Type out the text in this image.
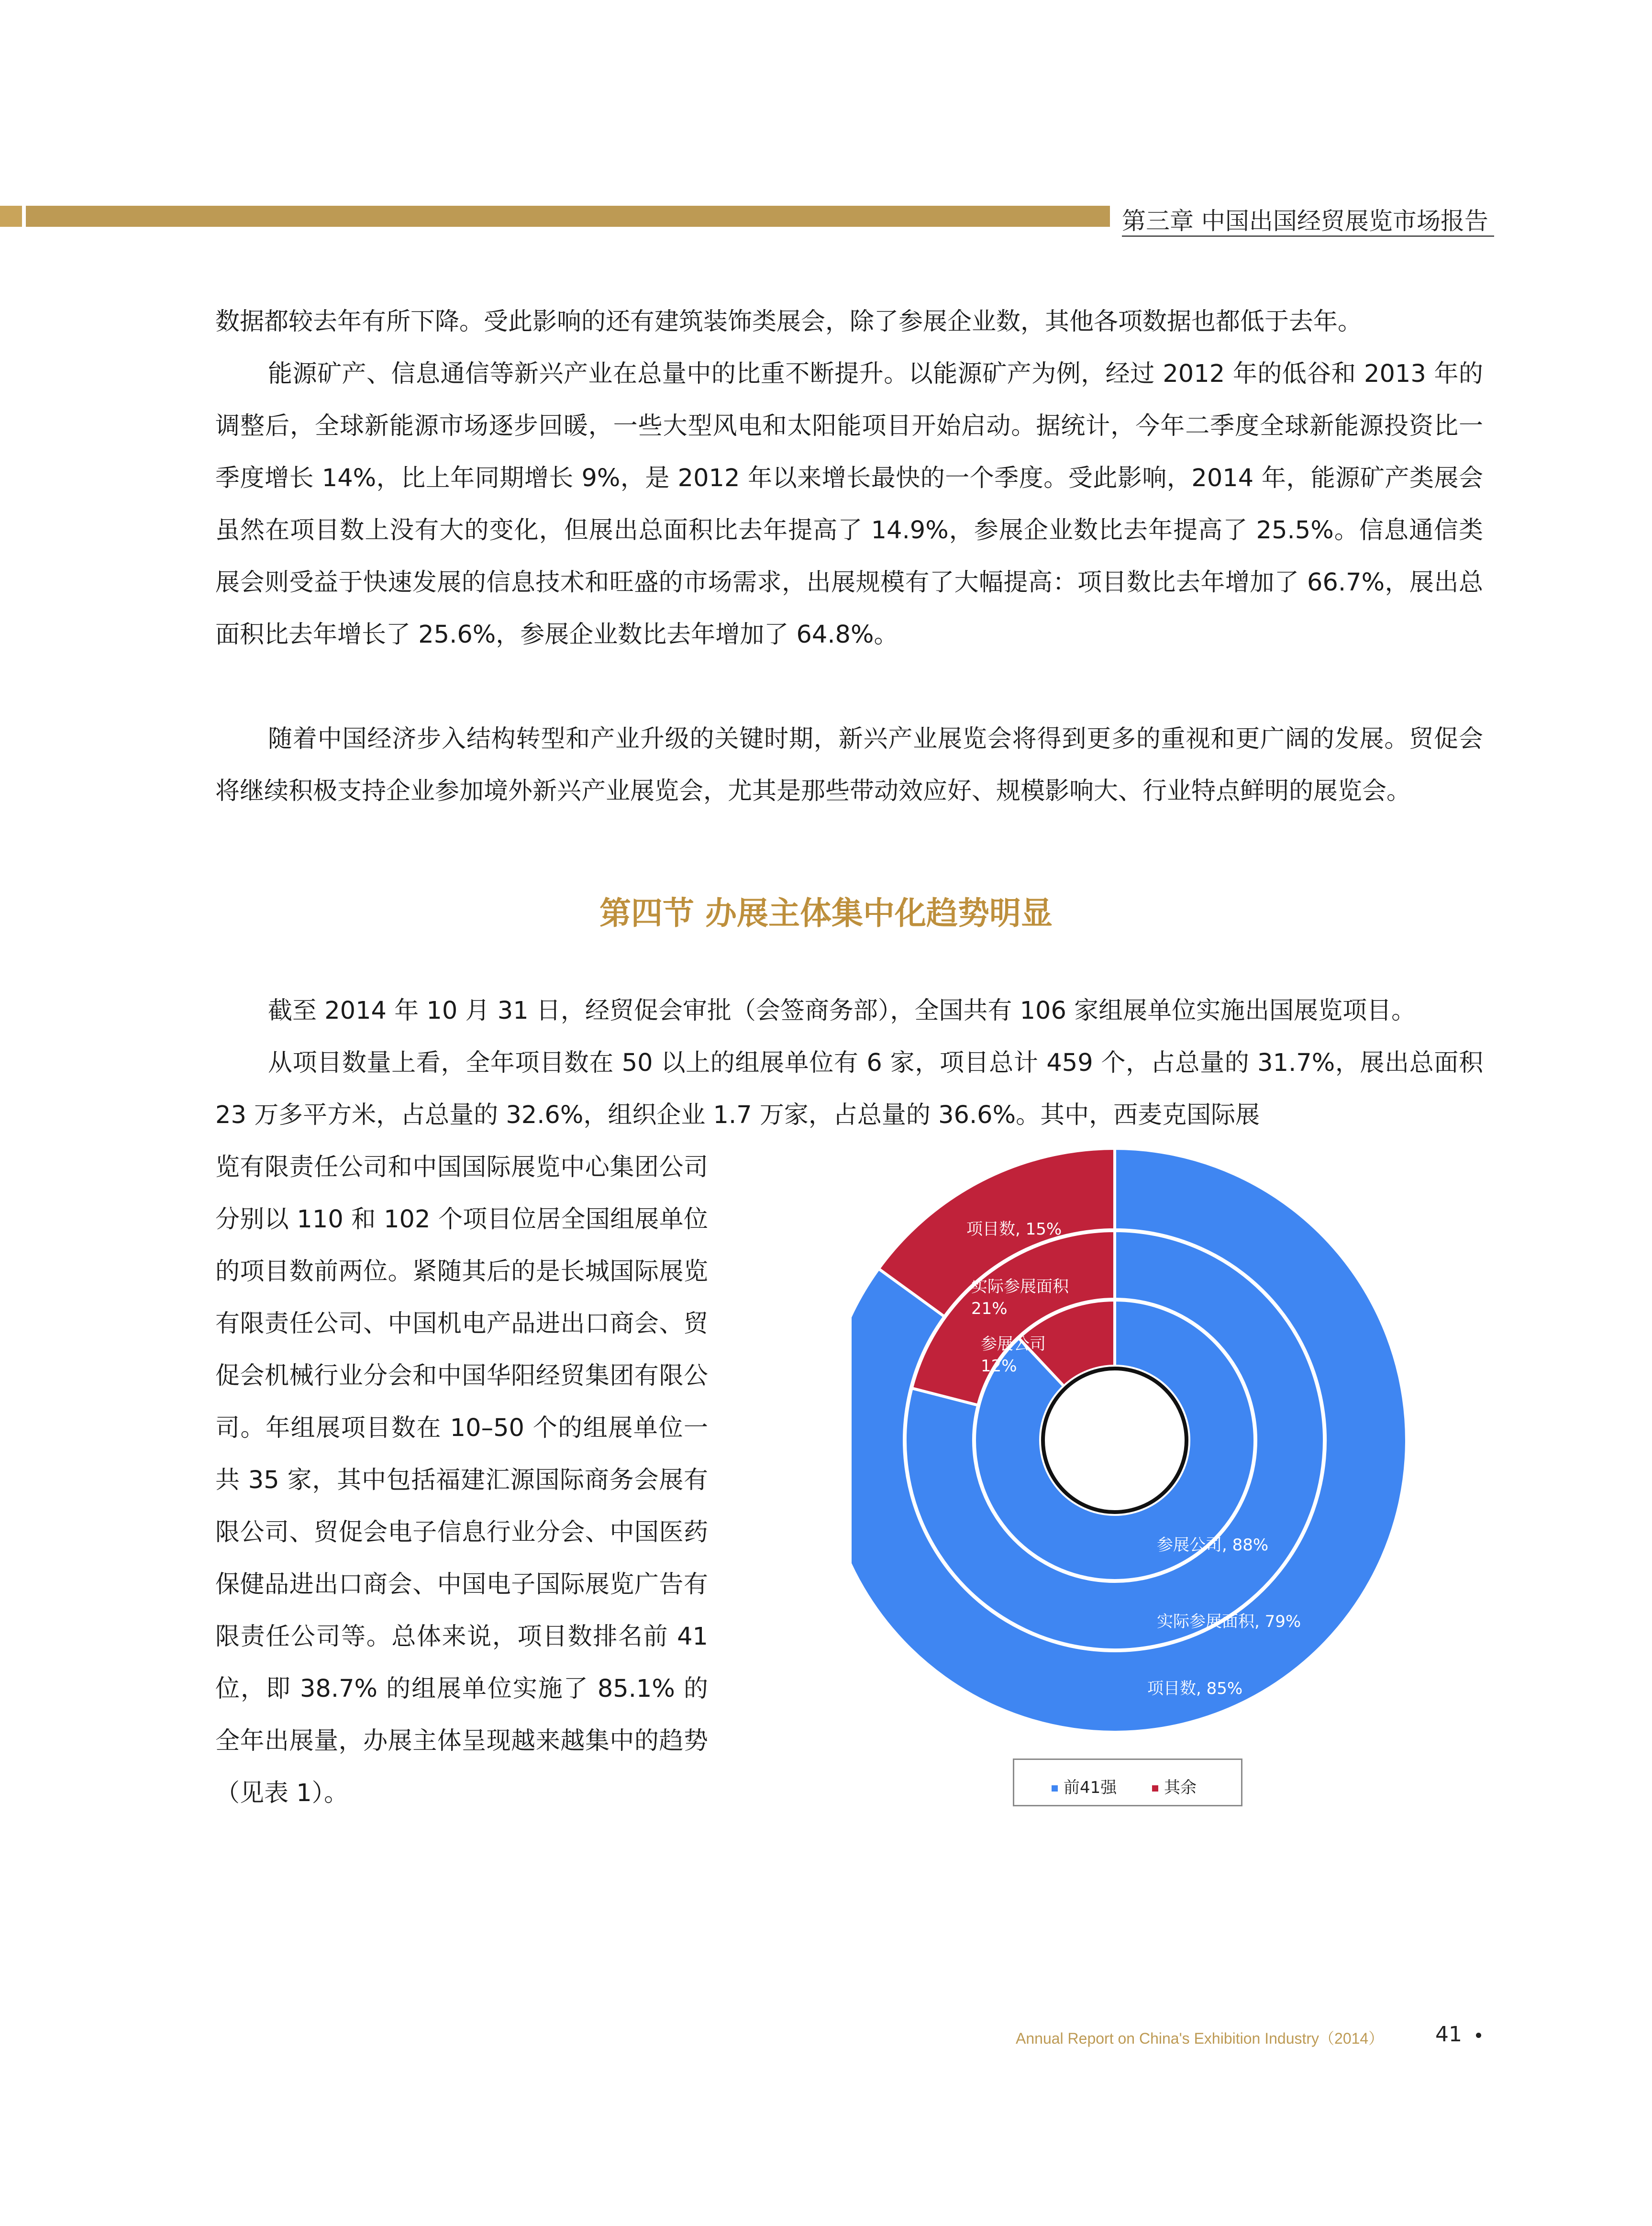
第三章 中国出国经贸展览市场报告

数据都较去年有所下降。受此影响的还有建筑装饰类展会，除了参展企业数，其他各项数据也都低于去年。

能源矿产、信息通信等新兴产业在总量中的比重不断提升。以能源矿产为例，经过 2012 年的低谷和 2013 年的调整后，全球新能源市场逐步回暖，一些大型风电和太阳能项目开始启动。据统计，今年二季度全球新能源投资比一季度增长 14%，比上年同期增长 9%，是 2012 年以来增长最快的一个季度。受此影响，2014 年，能源矿产类展会虽然在项目数上没有大的变化，但展出总面积比去年提高了 14.9%，参展企业数比去年提高了 25.5%。信息通信类展会则受益于快速发展的信息技术和旺盛的市场需求，出展规模有了大幅提高：项目数比去年增加了 66.7%，展出总面积比去年增长了 25.6%，参展企业数比去年增加了 64.8%。

随着中国经济步入结构转型和产业升级的关键时期，新兴产业展览会将得到更多的重视和更广阔的发展。贸促会将继续积极支持企业参加境外新兴产业展览会，尤其是那些带动效应好、规模影响大、行业特点鲜明的展览会。

第四节 办展主体集中化趋势明显

截至 2014 年 10 月 31 日，经贸促会审批（会签商务部），全国共有 106 家组展单位实施出国展览项目。

从项目数量上看，全年项目数在 50 以上的组展单位有 6 家，项目总计 459 个，占总量的 31.7%，展出总面积 23 万多平方米，占总量的 32.6%，组织企业 1.7 万家，占总量的 36.6%。其中，西麦克国际展

览有限责任公司和中国国际展览中心集团公司分别以 110 和 102 个项目位居全国组展单位的项目数前两位。紧随其后的是长城国际展览有限责任公司、中国机电产品进出口商会、贸促会机械行业分会和中国华阳经贸集团有限公司。年组展项目数在 10–50 个的组展单位一共 35 家，其中包括福建汇源国际商务会展有限公司、贸促会电子信息行业分会、中国医药保健品进出口商会、中国电子国际展览广告有限责任公司等。总体来说，项目数排名前 41 位，即 38.7% 的组展单位实施了 85.1% 的全年出展量，办展主体呈现越来越集中的趋势（见表 1）。

项目数, 85%
项目数, 15%
实际参展面积, 79%
实际参展面积 21%
参展公司, 88%
参展公司 12%
前41强	其余
Annual Report on China's Exhibition Industry（2014） 41
